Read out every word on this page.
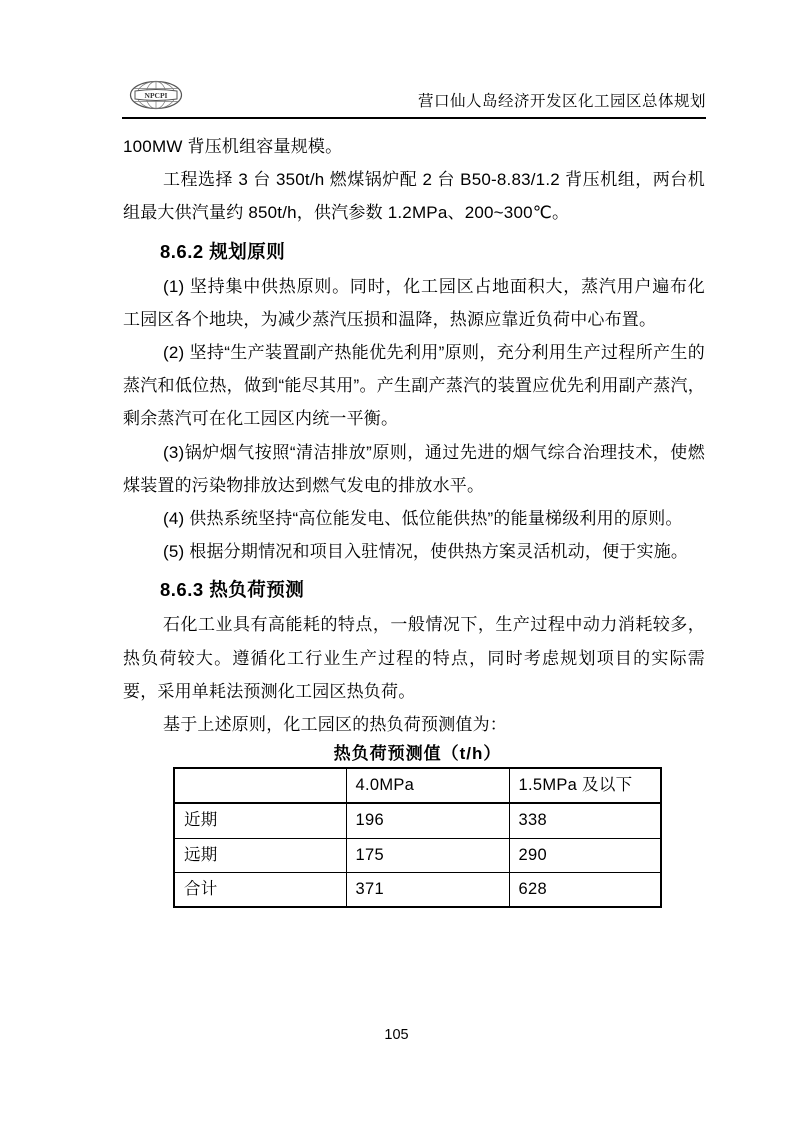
NPCPI	营口仙人岛经济开发区化工园区总体规划

100MW 背压机组容量规模。

工程选择 3 台 350t/h 燃煤锅炉配 2 台 B50-8.83/1.2 背压机组，两台机组最大供汽量约 850t/h，供汽参数 1.2MPa、200~300℃。

8.6.2 规划原则

(1) 坚持集中供热原则。同时，化工园区占地面积大，蒸汽用户遍布化工园区各个地块，为减少蒸汽压损和温降，热源应靠近负荷中心布置。

(2) 坚持“生产装置副产热能优先利用”原则，充分利用生产过程所产生的蒸汽和低位热，做到“能尽其用”。产生副产蒸汽的装置应优先利用副产蒸汽，剩余蒸汽可在化工园区内统一平衡。

(3)锅炉烟气按照“清洁排放”原则，通过先进的烟气综合治理技术，使燃煤装置的污染物排放达到燃气发电的排放水平。

(4) 供热系统坚持“高位能发电、低位能供热”的能量梯级利用的原则。

(5) 根据分期情况和项目入驻情况，使供热方案灵活机动，便于实施。

8.6.3 热负荷预测

石化工业具有高能耗的特点，一般情况下，生产过程中动力消耗较多，热负荷较大。遵循化工行业生产过程的特点，同时考虑规划项目的实际需要，采用单耗法预测化工园区热负荷。

基于上述原则，化工园区的热负荷预测值为：

热负荷预测值（t/h）
	4.0MPa	1.5MPa 及以下
近期	196	338
远期	175	290
合计	371	628
105
